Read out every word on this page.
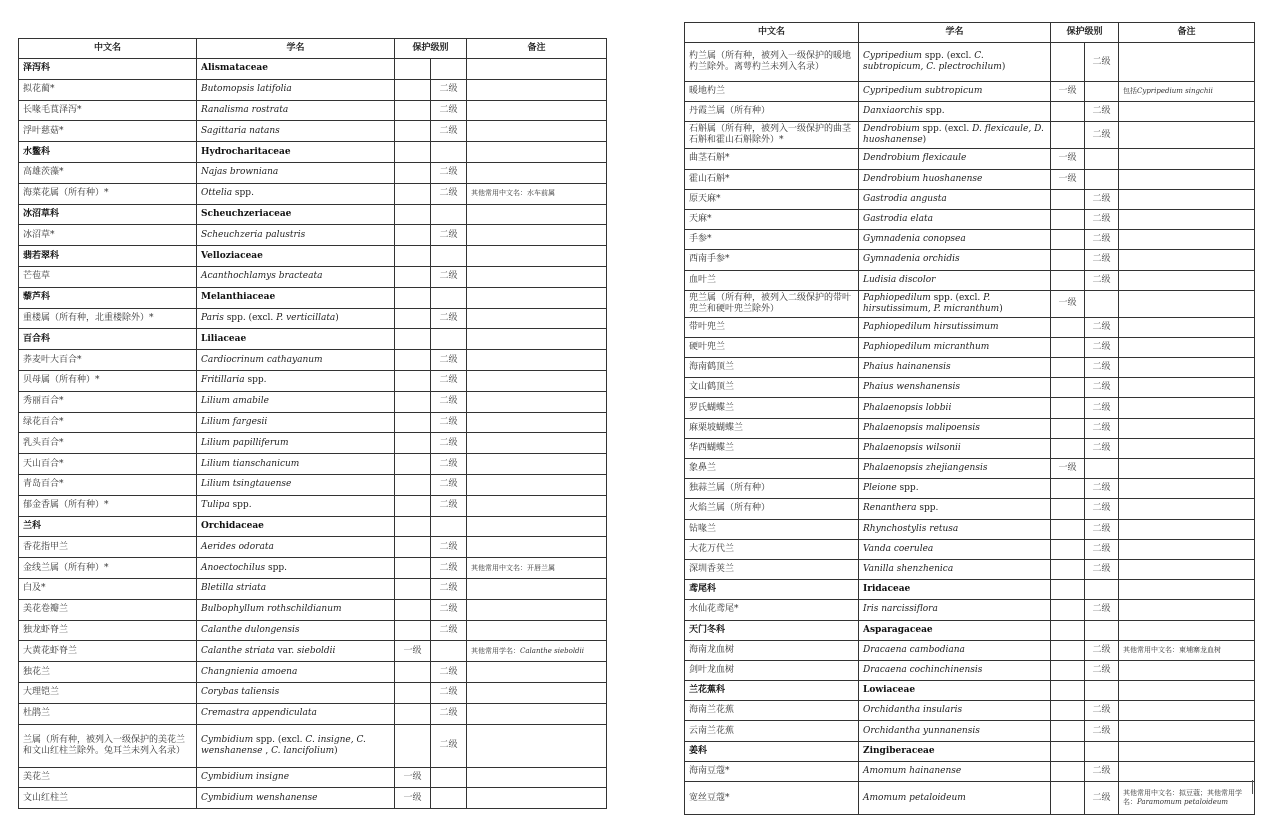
中文名	学名	保护级别		备注
泽泻科	Alismataceae			
拟花蔺*	Butomopsis latifolia		二级	
长喙毛茛泽泻*	Ranalisma rostrata		二级	
浮叶慈菇*	Sagittaria natans		二级	
水鳖科	Hydrocharitaceae			
高雄茨藻*	Najas browniana		二级	
海菜花属（所有种）*	Ottelia spp.		二级	其他常用中文名：水车前属
冰沼草科	Scheuchzeriaceae			
冰沼草*	Scheuchzeria palustris		二级	
翡若翠科	Velloziaceae			
芒苞草	Acanthochlamys bracteata		二级	
藜芦科	Melanthiaceae			
重楼属（所有种，北重楼除外）*	Paris spp. (excl. P. verticillata)		二级	
百合科	Liliaceae			
荞麦叶大百合*	Cardiocrinum cathayanum		二级	
贝母属（所有种）*	Fritillaria spp.		二级	
秀丽百合*	Lilium amabile		二级	
绿花百合*	Lilium fargesii		二级	
乳头百合*	Lilium papilliferum		二级	
天山百合*	Lilium tianschanicum		二级	
青岛百合*	Lilium tsingtauense		二级	
郁金香属（所有种）*	Tulipa spp.		二级	
兰科	Orchidaceae			
香花指甲兰	Aerides odorata		二级	
金线兰属（所有种）*	Anoectochilus spp.		二级	其他常用中文名：开唇兰属
白及*	Bletilla striata		二级	
美花卷瓣兰	Bulbophyllum rothschildianum		二级	
独龙虾脊兰	Calanthe dulongensis		二级	
大黄花虾脊兰	Calanthe striata var. sieboldii	一级		其他常用学名：Calanthe sieboldii
独花兰	Changnienia amoena		二级	
大理铠兰	Corybas taliensis		二级	
杜鹃兰	Cremastra appendiculata		二级	
兰属（所有种，被列入一级保护的美花兰和文山红柱兰除外。兔耳兰未列入名录）	Cymbidium spp. (excl. C. insigne, C. wenshanense , C. lancifolium)		二级	
美花兰	Cymbidium insigne	一级		
文山红柱兰	Cymbidium wenshanense	一级		
中文名	学名	保护级别		备注
杓兰属（所有种，被列入一级保护的暖地杓兰除外。离萼杓兰未列入名录）	Cypripedium spp. (excl. C. subtropicum, C. plectrochilum)		二级	
暖地杓兰	Cypripedium subtropicum	一级		包括Cypripedium singchii
丹霞兰属（所有种）	Danxiaorchis spp.		二级	
石斛属（所有种，被列入一级保护的曲茎石斛和霍山石斛除外）*	Dendrobium spp. (excl. D. flexicaule, D. huoshanense)		二级	
曲茎石斛*	Dendrobium flexicaule	一级		
霍山石斛*	Dendrobium huoshanense	一级		
原天麻*	Gastrodia angusta		二级	
天麻*	Gastrodia elata		二级	
手参*	Gymnadenia conopsea		二级	
西南手参*	Gymnadenia orchidis		二级	
血叶兰	Ludisia discolor		二级	
兜兰属（所有种，被列入二级保护的带叶兜兰和硬叶兜兰除外）	Paphiopedilum spp. (excl. P. hirsutissimum, P. micranthum)	一级		
带叶兜兰	Paphiopedilum hirsutissimum		二级	
硬叶兜兰	Paphiopedilum micranthum		二级	
海南鹤顶兰	Phaius hainanensis		二级	
文山鹤顶兰	Phaius wenshanensis		二级	
罗氏蝴蝶兰	Phalaenopsis lobbii		二级	
麻栗坡蝴蝶兰	Phalaenopsis malipoensis		二级	
华西蝴蝶兰	Phalaenopsis wilsonii		二级	
象鼻兰	Phalaenopsis zhejiangensis	一级		
独蒜兰属（所有种）	Pleione spp.		二级	
火焰兰属（所有种）	Renanthera spp.		二级	
钻喙兰	Rhynchostylis retusa		二级	
大花万代兰	Vanda coerulea		二级	
深圳香荚兰	Vanilla shenzhenica		二级	
鸢尾科	Iridaceae			
水仙花鸢尾*	Iris narcissiflora		二级	
天门冬科	Asparagaceae			
海南龙血树	Dracaena cambodiana		二级	其他常用中文名：柬埔寨龙血树
剑叶龙血树	Dracaena cochinchinensis		二级	
兰花蕉科	Lowiaceae			
海南兰花蕉	Orchidantha insularis		二级	
云南兰花蕉	Orchidantha yunnanensis		二级	
姜科	Zingiberaceae			
海南豆蔻*	Amomum hainanense		二级	
宽丝豆蔻*	Amomum petaloideum		二级	其他常用中文名：拟豆蔻；其他常用学名：Paramomum petaloideum
